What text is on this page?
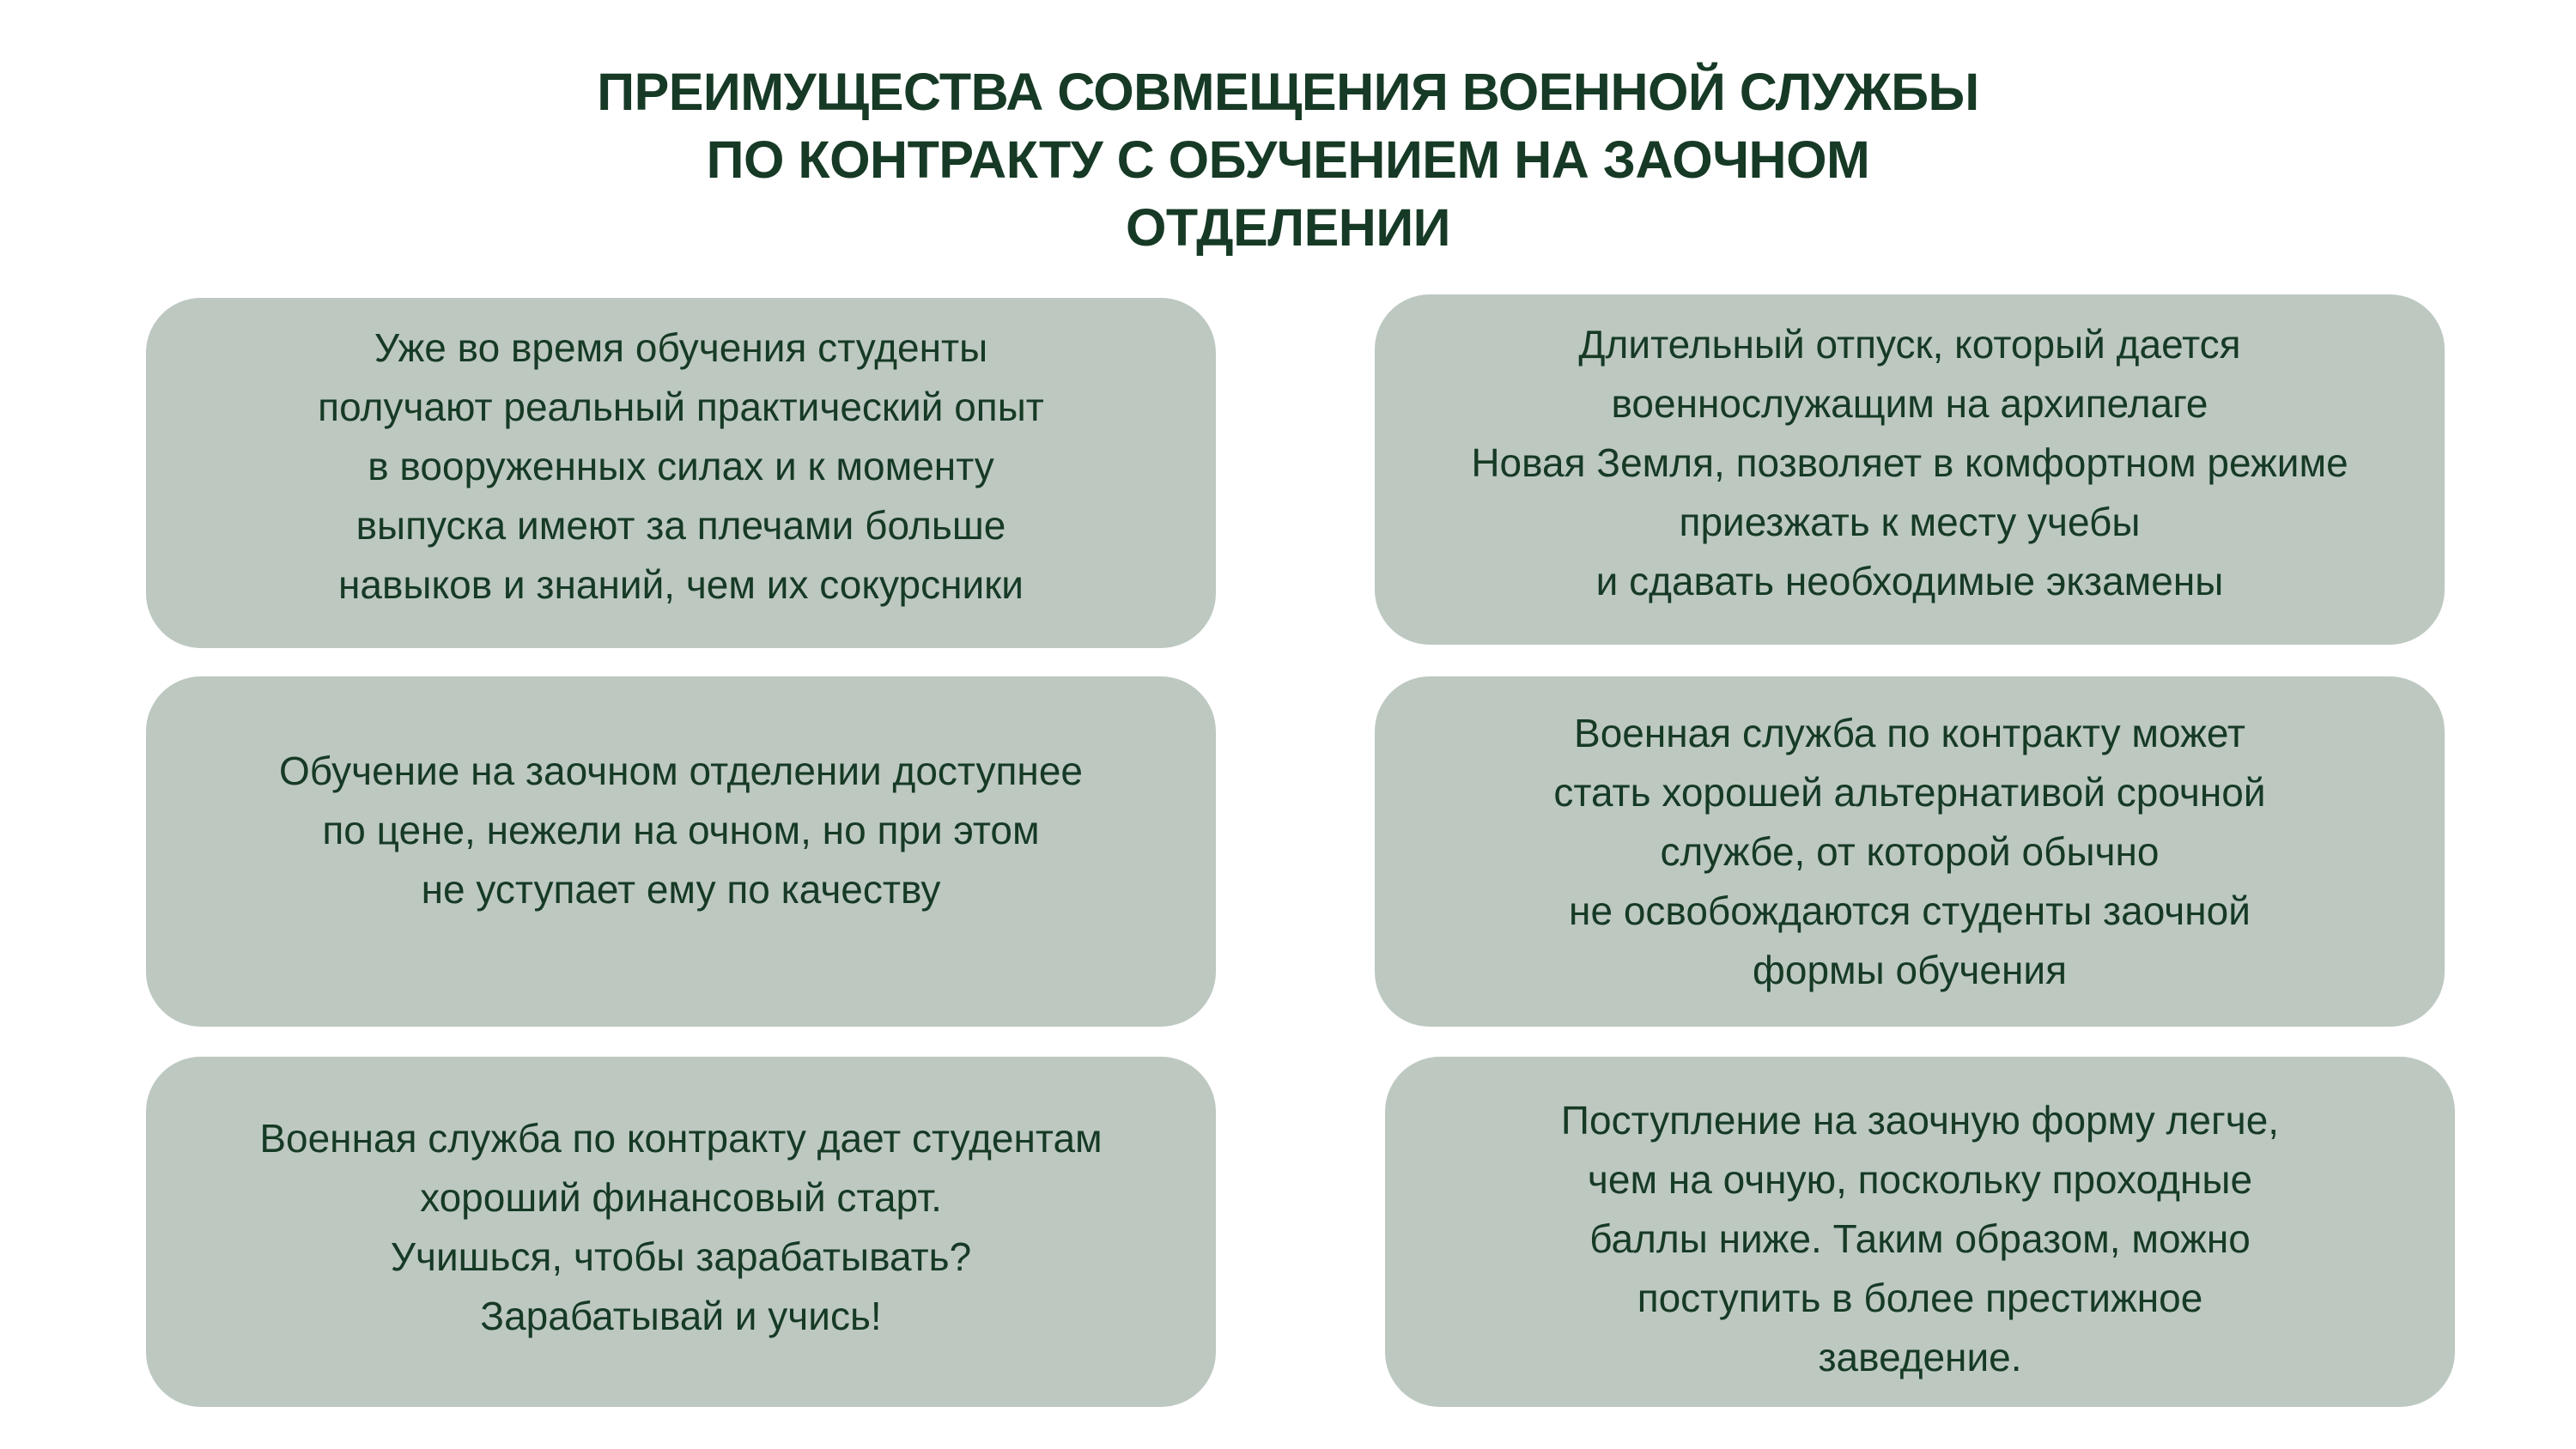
ПРЕИМУЩЕСТВА СОВМЕЩЕНИЯ ВОЕННОЙ СЛУЖБЫ
ПО КОНТРАКТУ С ОБУЧЕНИЕМ НА ЗАОЧНОМ
ОТДЕЛЕНИИ
Уже во время обучения студенты
получают реальный практический опыт
в вооруженных силах и к моменту
выпуска имеют за плечами больше
навыков и знаний, чем их сокурсники
Длительный отпуск, который дается
военнослужащим на архипелаге
Новая Земля, позволяет в комфортном режиме
приезжать к месту учебы
и сдавать необходимые экзамены
Обучение на заочном отделении доступнее
по цене, нежели на очном, но при этом
не уступает ему по качеству
Военная служба по контракту может
стать хорошей альтернативой срочной
службе, от которой обычно
не освобождаются студенты заочной
формы обучения
Военная служба по контракту дает студентам
хороший финансовый старт.
Учишься, чтобы зарабатывать?
Зарабатывай и учись!
Поступление на заочную форму легче,
чем на очную, поскольку проходные
баллы ниже. Таким образом, можно
поступить в более престижное
заведение.
